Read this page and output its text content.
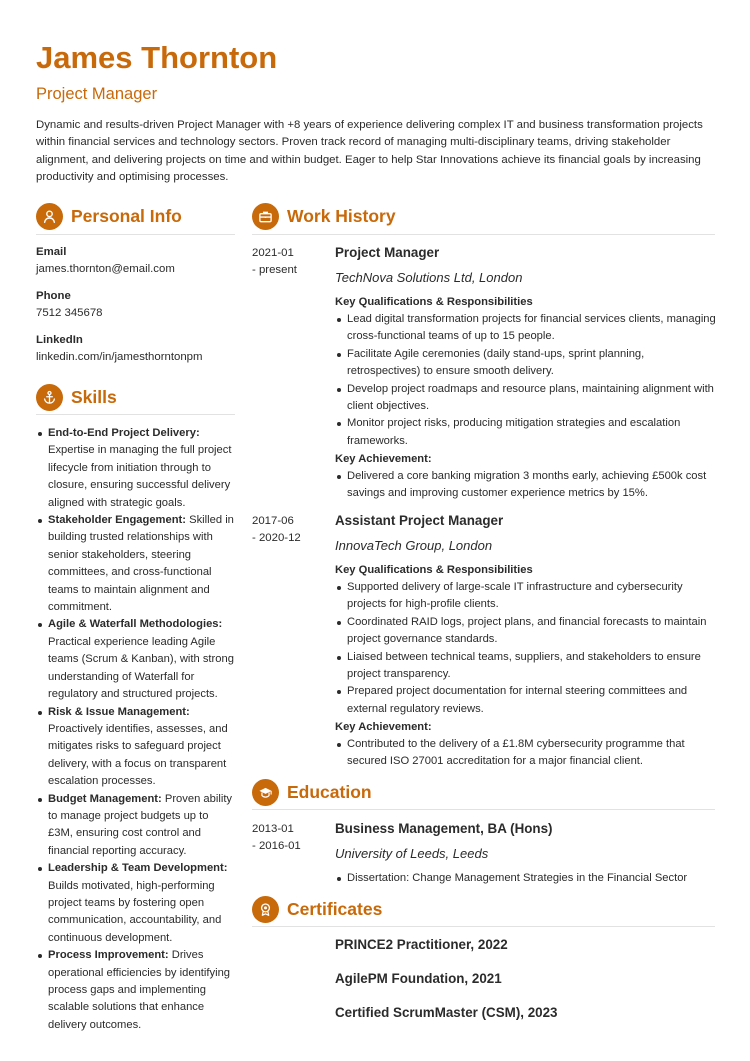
James Thornton
Project Manager

Dynamic and results-driven Project Manager with +8 years of experience delivering complex IT and business transformation projects within financial services and technology sectors. Proven track record of managing multi-disciplinary teams, driving stakeholder alignment, and delivering projects on time and within budget. Eager to help Star Innovations achieve its financial goals by increasing productivity and optimising processes.

Personal Info
Email
james.thornton@email.com
Phone
7512 345678
LinkedIn
linkedin.com/in/jamesthorntonpm
Skills
End-to-End Project Delivery: Expertise in managing the full project lifecycle from initiation through to closure, ensuring successful delivery aligned with strategic goals.
Stakeholder Engagement: Skilled in building trusted relationships with senior stakeholders, steering committees, and cross-functional teams to maintain alignment and commitment.
Agile & Waterfall Methodologies: Practical experience leading Agile teams (Scrum & Kanban), with strong understanding of Waterfall for regulatory and structured projects.
Risk & Issue Management: Proactively identifies, assesses, and mitigates risks to safeguard project delivery, with a focus on transparent escalation processes.
Budget Management: Proven ability to manage project budgets up to £3M, ensuring cost control and financial reporting accuracy.
Leadership & Team Development: Builds motivated, high-performing project teams by fostering open communication, accountability, and continuous development.
Process Improvement: Drives operational efficiencies by identifying process gaps and implementing scalable solutions that enhance delivery outcomes.
Work History
2021-01
- present
Project Manager
TechNova Solutions Ltd, London
Key Qualifications & Responsibilities
Lead digital transformation projects for financial services clients, managing cross-functional teams of up to 15 people.
Facilitate Agile ceremonies (daily stand-ups, sprint planning, retrospectives) to ensure smooth delivery.
Develop project roadmaps and resource plans, maintaining alignment with client objectives.
Monitor project risks, producing mitigation strategies and escalation frameworks.
Key Achievement:
Delivered a core banking migration 3 months early, achieving £500k cost savings and improving customer experience metrics by 15%.
2017-06
- 2020-12
Assistant Project Manager
InnovaTech Group, London
Key Qualifications & Responsibilities
Supported delivery of large-scale IT infrastructure and cybersecurity projects for high-profile clients.
Coordinated RAID logs, project plans, and financial forecasts to maintain project governance standards.
Liaised between technical teams, suppliers, and stakeholders to ensure project transparency.
Prepared project documentation for internal steering committees and external regulatory reviews.
Key Achievement:
Contributed to the delivery of a £1.8M cybersecurity programme that secured ISO 27001 accreditation for a major financial client.
Education
2013-01
- 2016-01
Business Management, BA (Hons)
University of Leeds, Leeds
Dissertation: Change Management Strategies in the Financial Sector
Certificates
PRINCE2 Practitioner, 2022
AgilePM Foundation, 2021
Certified ScrumMaster (CSM), 2023
